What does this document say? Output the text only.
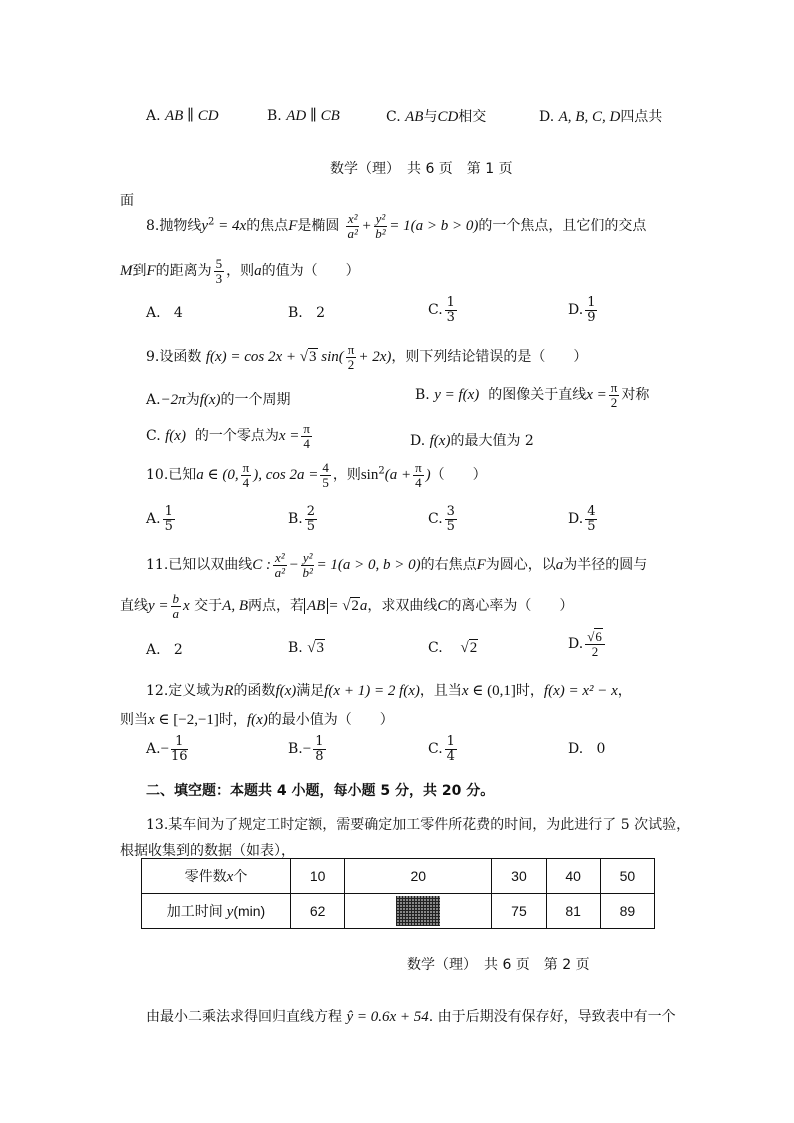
A. AB ∥ CD	B. AD ∥ CB	C. AB与CD相交	D. A, B, C, D四点共
数学（理）　共 6 页　第 1 页
面
8.抛物线$y^2 = 4x$的焦点F是椭圆 $\frac{\text{x²}}{\text{a²}} + \frac{\text{y²}}{\text{b²}} = 1(a > b > 0)$的一个焦点，且它们的交点
M到F的距离为 $\frac{5}{3}$ ，则a的值为（　　）
A. 4	B. 2	C. $\frac{1}{3}$	D. $\frac{1}{9}$
9.设函数 f(x) = cos 2x + √3 $\sin( \frac{\pi}{2} + 2x)$，则下列结论错误的是（　　）
A.−2π为f(x)的一个周期	B. y = f(x) 的图像关于直线$x = \frac{\pi}{2}$ 对称
C. f(x) 的一个零点为$x = \frac{\pi}{4}$	D. f(x)的最大值为 2
10.已知a ∈ (0, $\frac{\pi}{4}$ ), $\cos 2a = \frac{4}{5}$ ，则$\sin^2(a + \frac{\pi}{4}$ )（　　）
A. $\frac{1}{5}$	B. $\frac{2}{5}$	C. $\frac{3}{5}$	D. $\frac{4}{5}$
11.已知以双曲线C : $\frac{\text{x²}}{\text{a²}} - \frac{\text{y²}}{\text{b²}} = 1(a > 0$, b > 0)的右焦点F为圆心，以a为半径的圆与
直线$y = \frac{b}{a}$ x 交于A, B两点，若 AB = √2a，求双曲线C的离心率为（　　）
A. 2	B. √3	C. √2	D. $\frac{√6}{2}$
12.定义域为R的函数f(x)满足f(x + 1) = 2 f(x)，且当x ∈ (0,1]时，f(x) = x² − x，
则当x ∈ [−2,−1]时，f(x)的最小值为（　　）
$A.- \frac{1}{16}$	$B.- \frac{1}{8}$	C. $\frac{1}{4}$	D. 0
二、填空题：本题共 4 小题，每小题 5 分，共 20 分。
13.某车间为了规定工时定额，需要确定加工零件所花费的时间，为此进行了 5 次试验，
根据收集到的数据（如表），
零件数x个	10	20	30	40	50
加工时间 y(min)	62		75	81	89
数学（理）　共 6 页　第 2 页
由最小二乘法求得回归直线方程 ŷ = 0.6x + 54. 由于后期没有保存好，导致表中有一个
